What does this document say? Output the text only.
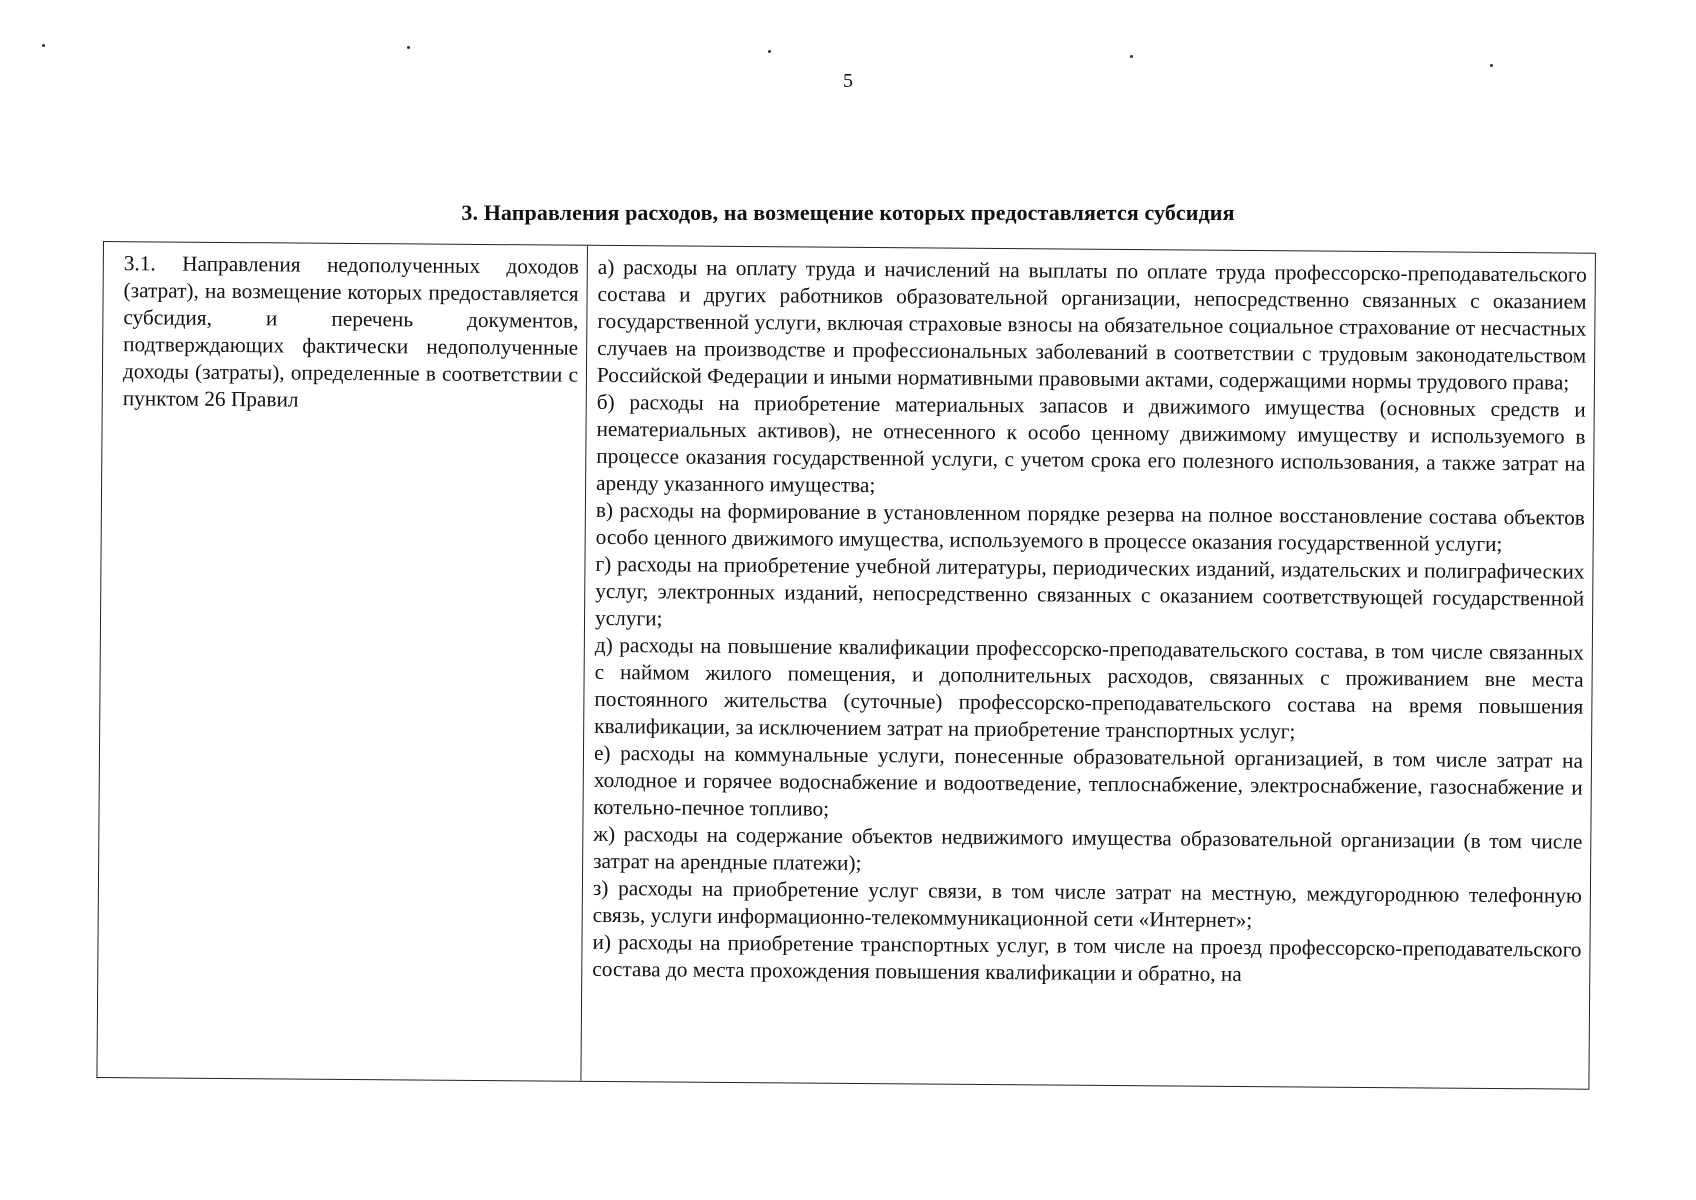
5
3. Направления расходов, на возмещение которых предоставляется субсидия
3.1. Направления недополученных доходов (затрат), на возмещение которых предоставляется субсидия, и перечень документов, подтверждающих фактически недополученные доходы (затраты), определенные в соответствии с пунктом 26 Правил

а) расходы на оплату труда и начислений на выплаты по оплате труда профессорско-преподавательского состава и других работников образовательной организации, непосредственно связанных с оказанием государственной услуги, включая страховые взносы на обязательное социальное страхование от несчастных случаев на производстве и профессиональных заболеваний в соответствии с трудовым законодательством Российской Федерации и иными нормативными правовыми актами, содержащими нормы трудового права;

б) расходы на приобретение материальных запасов и движимого имущества (основных средств и нематериальных активов), не отнесенного к особо ценному движимому имуществу и используемого в процессе оказания государственной услуги, с учетом срока его полезного использования, а также затрат на аренду указанного имущества;

в) расходы на формирование в установленном порядке резерва на полное восстановление состава объектов особо ценного движимого имущества, используемого в процессе оказания государственной услуги;

г) расходы на приобретение учебной литературы, периодических изданий, издательских и полиграфических услуг, электронных изданий, непосредственно связанных с оказанием соответствующей государственной услуги;

д) расходы на повышение квалификации профессорско-преподавательского состава, в том числе связанных с наймом жилого помещения, и дополнительных расходов, связанных с проживанием вне места постоянного жительства (суточные) профессорско-преподавательского состава на время повышения квалификации, за исключением затрат на приобретение транспортных услуг;

е) расходы на коммунальные услуги, понесенные образовательной организацией, в том числе затрат на холодное и горячее водоснабжение и водоотведение, теплоснабжение, электроснабжение, газоснабжение и котельно-печное топливо;

ж) расходы на содержание объектов недвижимого имущества образовательной организации (в том числе затрат на арендные платежи);

з) расходы на приобретение услуг связи, в том числе затрат на местную, междугороднюю телефонную связь, услуги информационно-телекоммуникационной сети «Интернет»;

и) расходы на приобретение транспортных услуг, в том числе на проезд профессорско-преподавательского состава до места прохождения повышения квалификации и обратно, на
